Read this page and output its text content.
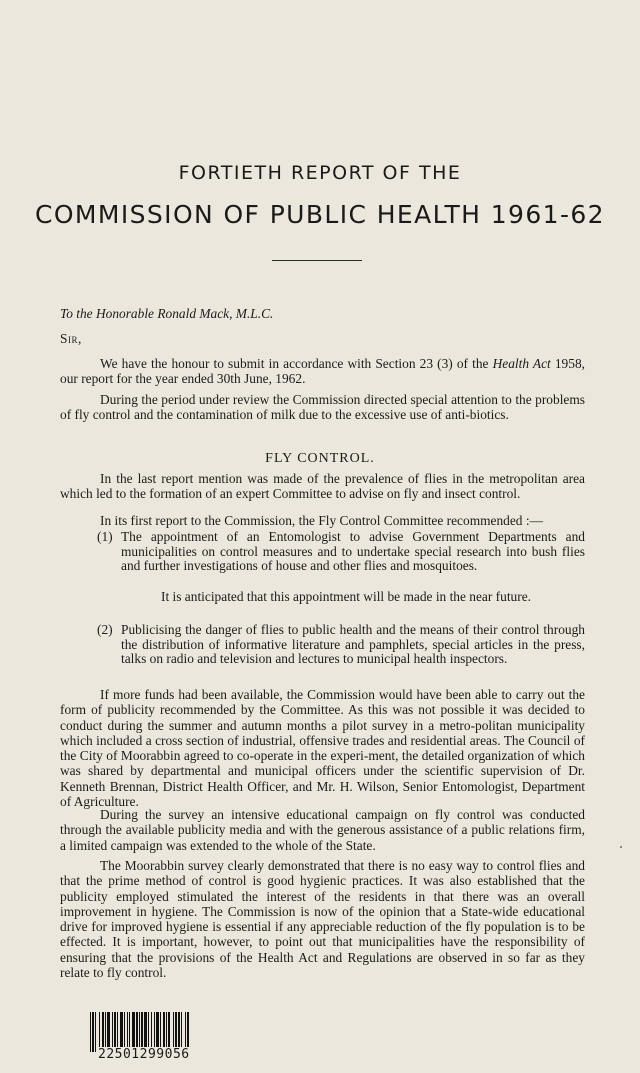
FORTIETH REPORT OF THE
COMMISSION OF PUBLIC HEALTH 1961-62

To the Honorable Ronald Mack, M.L.C.

Sir,

We have the honour to submit in accordance with Section 23 (3) of the Health Act 1958, our report for the year ended 30th June, 1962.

During the period under review the Commission directed special attention to the problems of fly control and the contamination of milk due to the excessive use of anti-biotics.

FLY CONTROL.

In the last report mention was made of the prevalence of flies in the metropolitan area which led to the formation of an expert Committee to advise on fly and insect control.

In its first report to the Commission, the Fly Control Committee recommended :—

(1) The appointment of an Entomologist to advise Government Departments and municipalities on control measures and to undertake special research into bush flies and further investigations of house and other flies and mosquitoes.

It is anticipated that this appointment will be made in the near future.

(2) Publicising the danger of flies to public health and the means of their control through the distribution of informative literature and pamphlets, special articles in the press, talks on radio and television and lectures to municipal health inspectors.

If more funds had been available, the Commission would have been able to carry out the form of publicity recommended by the Committee. As this was not possible it was decided to conduct during the summer and autumn months a pilot survey in a metro-politan municipality which included a cross section of industrial, offensive trades and residential areas. The Council of the City of Moorabbin agreed to co-operate in the experi-ment, the detailed organization of which was shared by departmental and municipal officers under the scientific supervision of Dr. Kenneth Brennan, District Health Officer, and Mr. H. Wilson, Senior Entomologist, Department of Agriculture.

During the survey an intensive educational campaign on fly control was conducted through the available publicity media and with the generous assistance of a public relations firm, a limited campaign was extended to the whole of the State.

The Moorabbin survey clearly demonstrated that there is no easy way to control flies and that the prime method of control is good hygienic practices. It was also established that the publicity employed stimulated the interest of the residents in that there was an overall improvement in hygiene. The Commission is now of the opinion that a State-wide educational drive for improved hygiene is essential if any appreciable reduction of the fly population is to be effected. It is important, however, to point out that municipalities have the responsibility of ensuring that the provisions of the Health Act and Regulations are observed in so far as they relate to fly control.

22501299056
